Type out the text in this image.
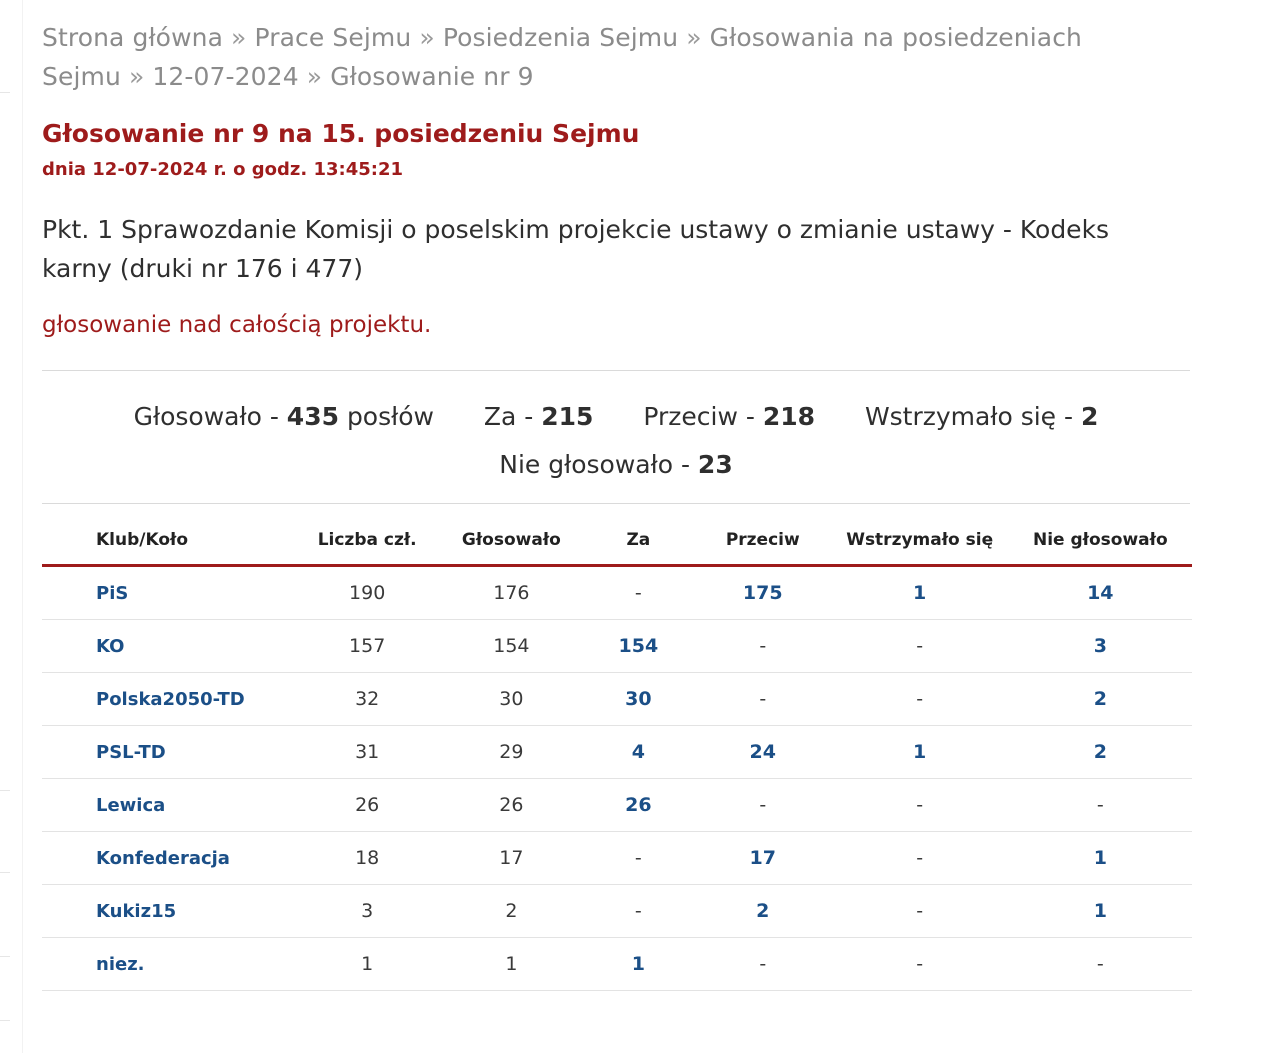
Strona główna » Prace Sejmu » Posiedzenia Sejmu » Głosowania na posiedzeniach Sejmu » 12-07-2024 » Głosowanie nr 9
Głosowanie nr 9 na 15. posiedzeniu Sejmu
dnia 12-07-2024 r. o godz. 13:45:21
Pkt. 1 Sprawozdanie Komisji o poselskim projekcie ustawy o zmianie ustawy - Kodeks karny (druki nr 176 i 477)
głosowanie nad całością projektu.
Głosowało - 435 posłów Za - 215 Przeciw - 218 Wstrzymało się - 2
Nie głosowało - 23
Klub/Koło	Liczba czł.	Głosowało	Za	Przeciw	Wstrzymało się	Nie głosowało
PiS	190	176	-	175	1	14
KO	157	154	154	-	-	3
Polska2050-TD	32	30	30	-	-	2
PSL-TD	31	29	4	24	1	2
Lewica	26	26	26	-	-	-
Konfederacja	18	17	-	17	-	1
Kukiz15	3	2	-	2	-	1
niez.	1	1	1	-	-	-
